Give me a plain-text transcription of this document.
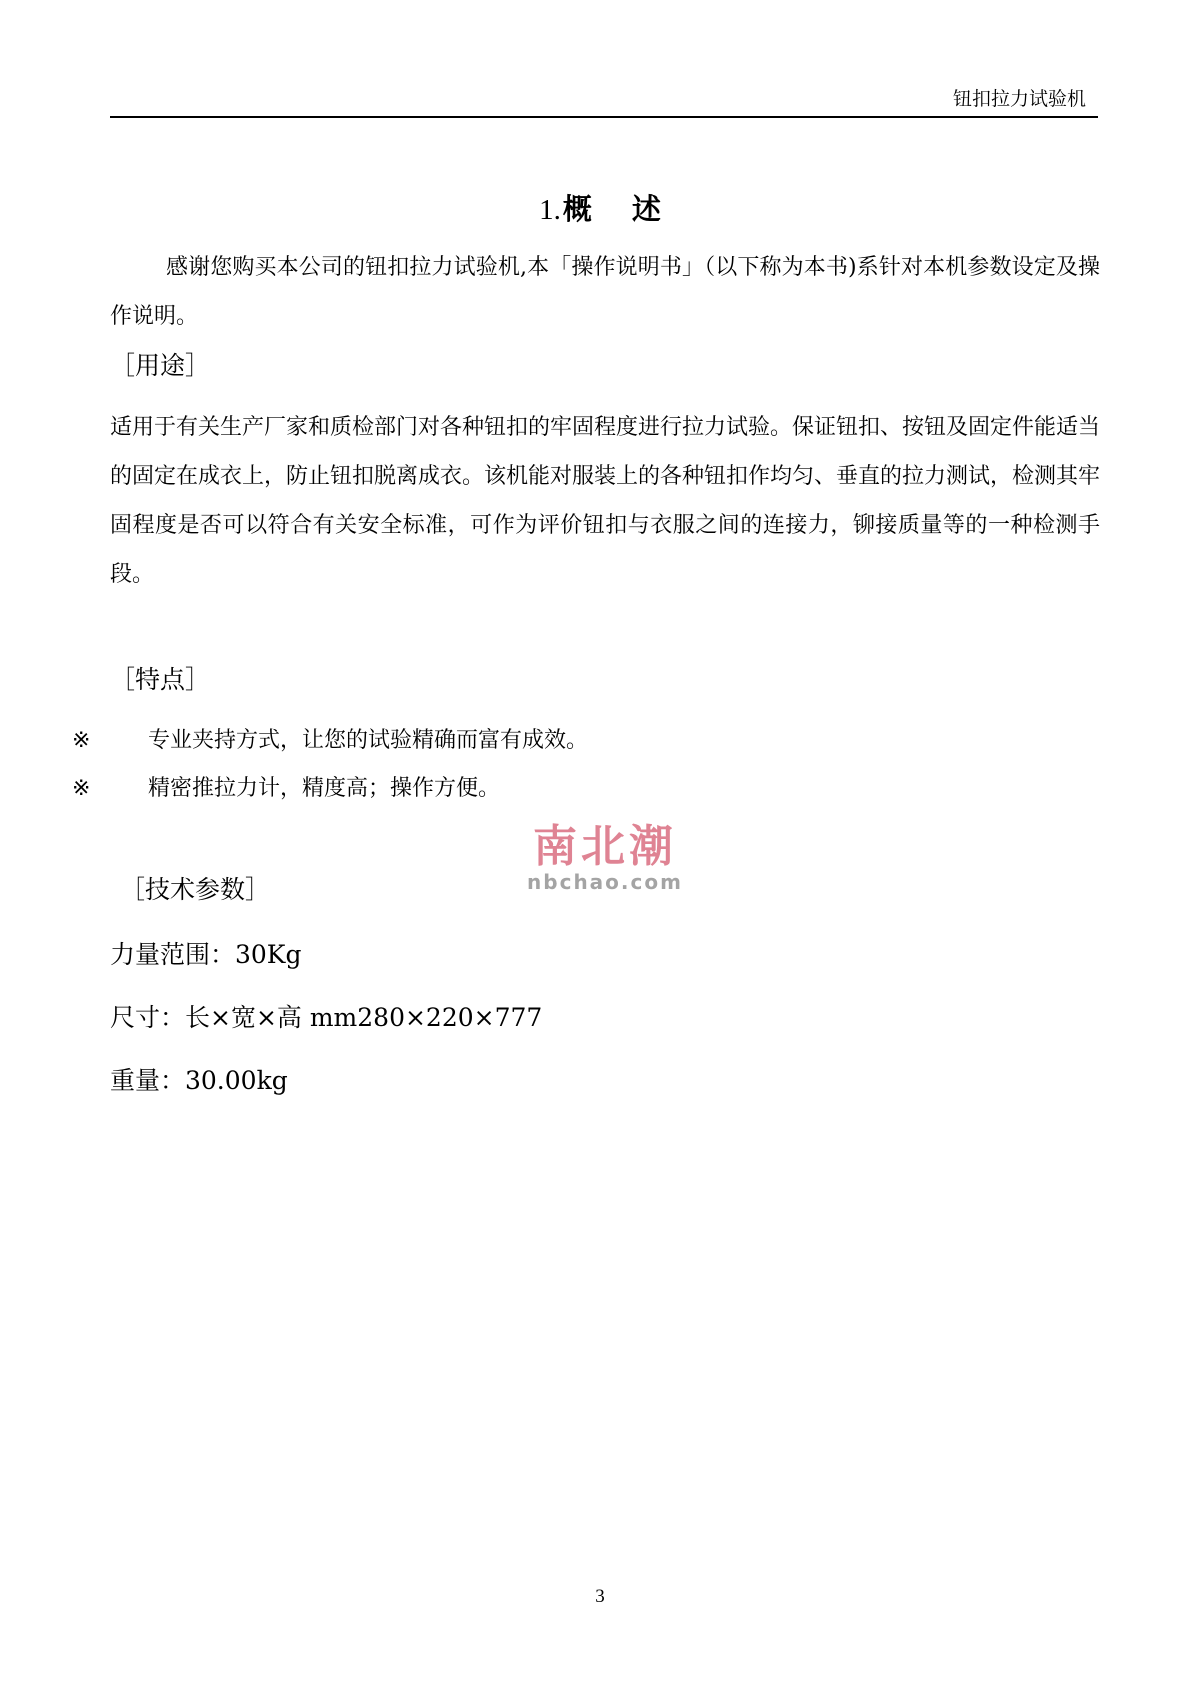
钮扣拉力试验机
1.概 述

感谢您购买本公司的钮扣拉力试验机,本「操作说明书」（以下称为本书)系针对本机参数设定及操作说明。

［用途］

适用于有关生产厂家和质检部门对各种钮扣的牢固程度进行拉力试验。保证钮扣、按钮及固定件能适当的固定在成衣上，防止钮扣脱离成衣。该机能对服装上的各种钮扣作均匀、垂直的拉力测试，检测其牢固程度是否可以符合有关安全标准，可作为评价钮扣与衣服之间的连接力，铆接质量等的一种检测手段。

［特点］

※	专业夹持方式，让您的试验精确而富有成效。
※	精密推拉力计，精度高；操作方便。
南北潮
nbchao.com

［技术参数］

力量范围：30Kg
尺寸：长×宽×高 mm280×220×777
重量：30.00kg
3
